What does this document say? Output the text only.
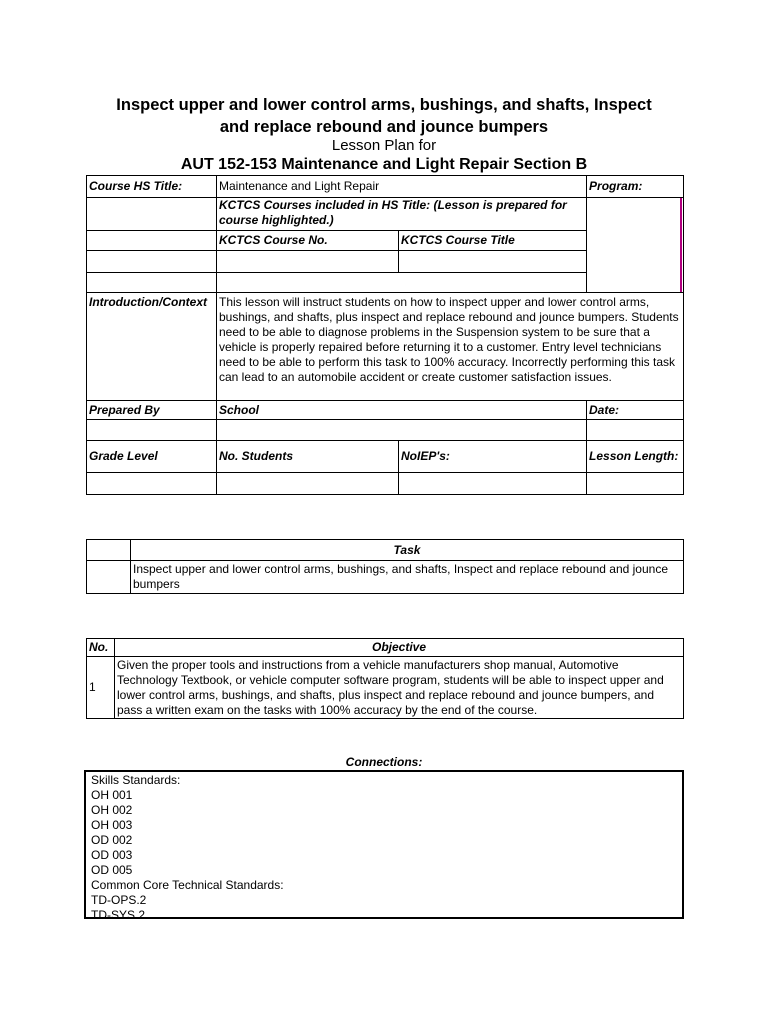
Inspect upper and lower control arms, bushings, and shafts, Inspect
and replace rebound and jounce bumpers
Lesson Plan for
AUT 152-153 Maintenance and Light Repair Section B
Course HS Title:	Maintenance and Light Repair		Program:
	KCTCS Courses included in HS Title: (Lesson is prepared for course highlighted.)		
	KCTCS Course No.	KCTCS Course Title	

Introduction/Context	This lesson will instruct students on how to inspect upper and lower control arms, bushings, and shafts, plus inspect and replace rebound and jounce bumpers. Students need to be able to diagnose problems in the Suspension system to be sure that a vehicle is properly repaired before returning it to a customer. Entry level technicians need to be able to perform this task to 100% accuracy. Incorrectly performing this task can lead to an automobile accident or create customer satisfaction issues.		
Prepared By	School		Date:

Grade Level	No. Students	NoIEP's:	Lesson Length:

	Task
	Inspect upper and lower control arms, bushings, and shafts, Inspect and replace rebound and jounce bumpers
No.	Objective
1	Given the proper tools and instructions from a vehicle manufacturers shop manual, Automotive Technology Textbook, or vehicle computer software program, students will be able to inspect upper and lower control arms, bushings, and shafts, plus inspect and replace rebound and jounce bumpers, and pass a written exam on the tasks with 100% accuracy by the end of the course.
Connections:
Skills Standards:
OH 001
OH 002
OH 003
OD 002
OD 003
OD 005
Common Core Technical Standards:
TD-OPS.2
TD-SYS.2
